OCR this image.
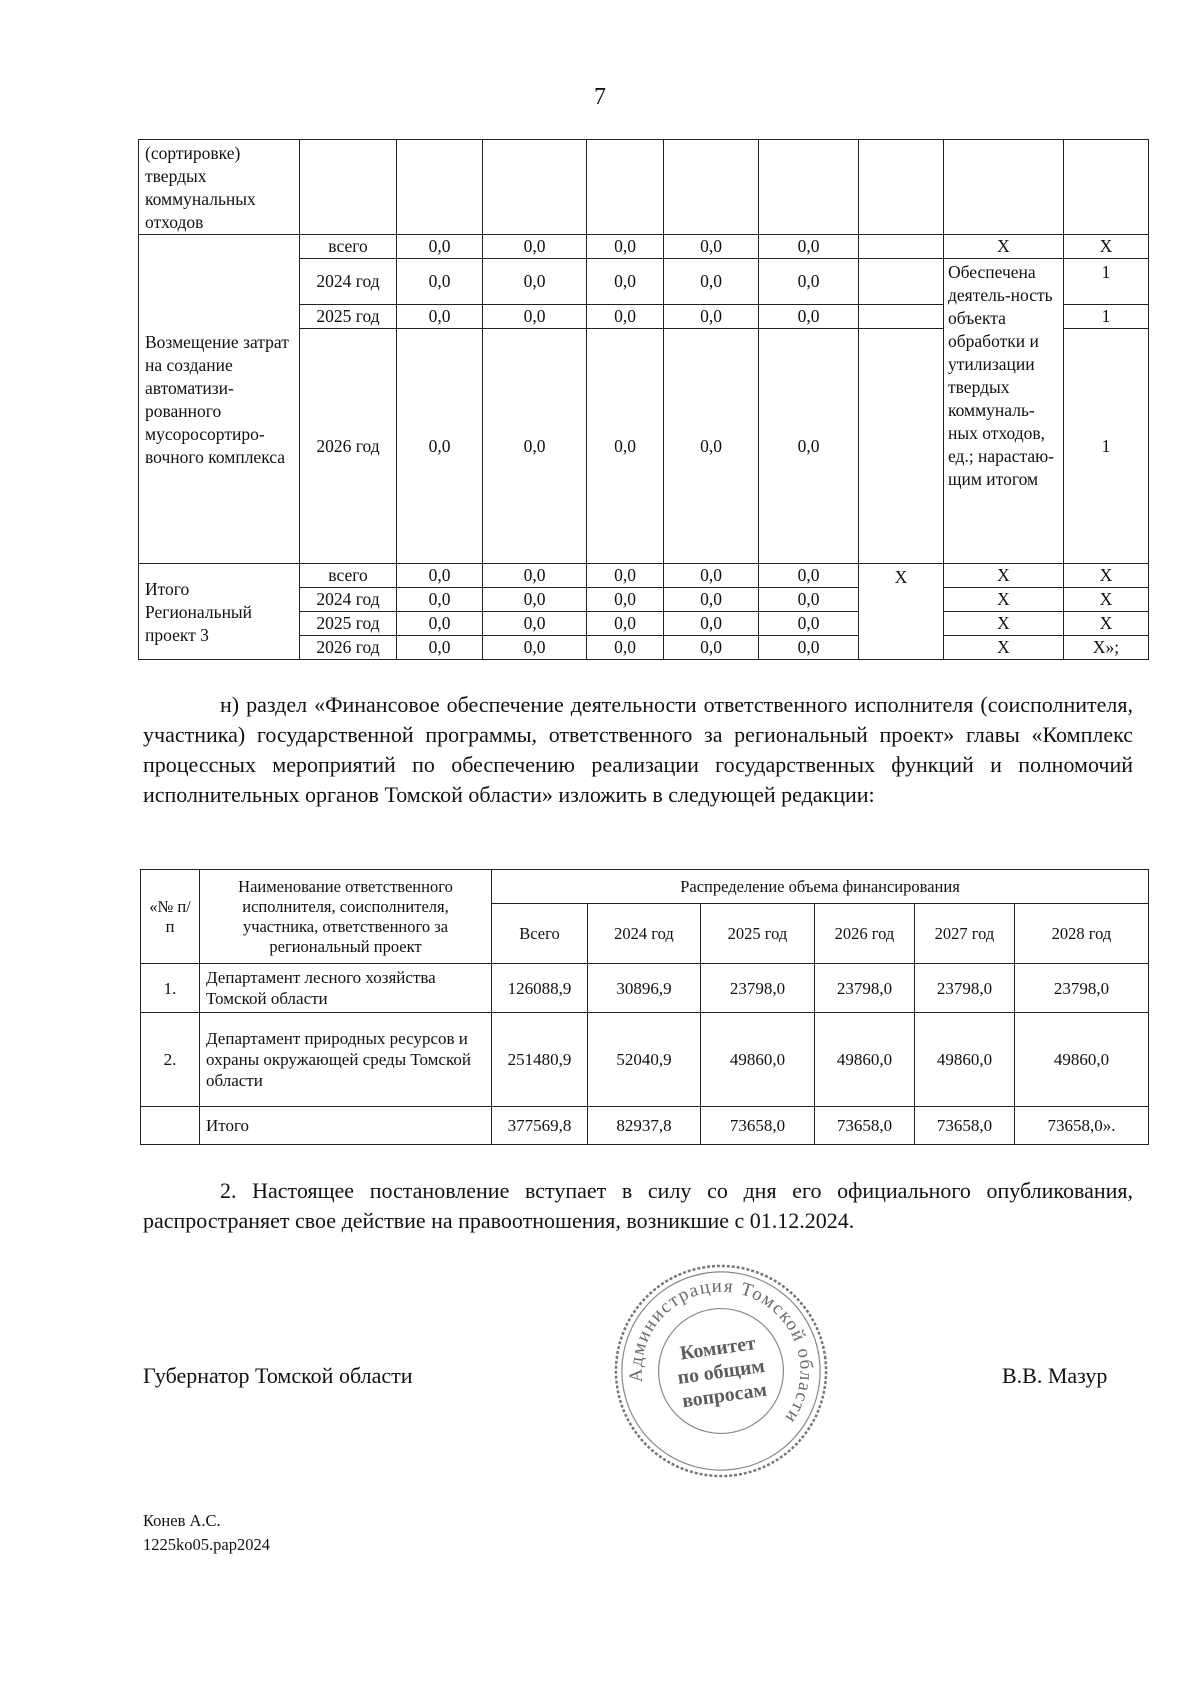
7
(сортировке) твердых коммунальных отходов									
Возмещение затрат на создание автоматизи-рованного мусоросортиро-вочного комплекса	всего	0,0	0,0	0,0	0,0	0,0		X	X
	2024 год	0,0	0,0	0,0	0,0	0,0		Обеспечена деятель-ность объекта обработки и утилизации твердых коммуналь-ных отходов, ед.; нарастаю-щим итогом	1
	2025 год	0,0	0,0	0,0	0,0	0,0			1
	2026 год	0,0	0,0	0,0	0,0	0,0			1
Итого Региональный проект 3	всего	0,0	0,0	0,0	0,0	0,0	X	X	X
	2024 год	0,0	0,0	0,0	0,0	0,0		X	X
	2025 год	0,0	0,0	0,0	0,0	0,0		X	X
	2026 год	0,0	0,0	0,0	0,0	0,0		X	X»;
н) раздел «Финансовое обеспечение деятельности ответственного исполнителя (соисполнителя, участника) государственной программы, ответственного за региональный проект» главы «Комплекс процессных мероприятий по обеспечению реализации государственных функций и полномочий исполнительных органов Томской области» изложить в следующей редакции:
«№ п/п	Наименование ответственного исполнителя, соисполнителя, участника, ответственного за региональный проект	Распределение объема финансирования					
		Всего	2024 год	2025 год	2026 год	2027 год	2028 год
1.	Департамент лесного хозяйства Томской области	126088,9	30896,9	23798,0	23798,0	23798,0	23798,0
2.	Департамент природных ресурсов и охраны окружающей среды Томской области	251480,9	52040,9	49860,0	49860,0	49860,0	49860,0
	Итого	377569,8	82937,8	73658,0	73658,0	73658,0	73658,0».
2. Настоящее постановление вступает в силу со дня его официального опубликования, распространяет свое действие на правоотношения, возникшие с 01.12.2024.
Губернатор Томской области	В.В. Мазур
Администрация Томской области
Комитет
по общим
вопросам
Конев А.С.
1225ko05.pap2024
